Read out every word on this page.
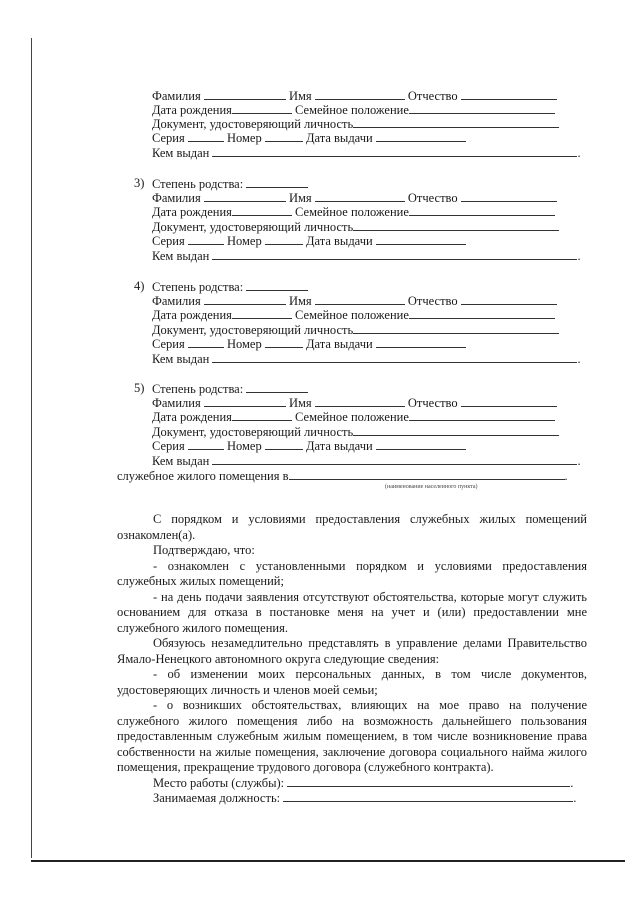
Фамилия	Имя	Отчество
Дата рождения	Семейное положение
Документ, удостоверяющий личность
Серия	Номер	Дата выдачи
Кем выдан	.
3) Степень родства:
Фамилия	Имя	Отчество
Дата рождения	Семейное положение
Документ, удостоверяющий личность
Серия	Номер	Дата выдачи
Кем выдан	.
4) Степень родства:
Фамилия	Имя	Отчество
Дата рождения	Семейное положение
Документ, удостоверяющий личность
Серия	Номер	Дата выдачи
Кем выдан	.
5) Степень родства:
Фамилия	Имя	Отчество
Дата рождения	Семейное положение
Документ, удостоверяющий личность
Серия	Номер	Дата выдачи
Кем выдан	.
служебное жилого помещения в	.
(наименование населенного пункта)

С порядком и условиями предоставления служебных жилых помещений ознакомлен(а).

Подтверждаю, что:

- ознакомлен с установленными порядком и условиями предоставления служебных жилых помещений;

- на день подачи заявления отсутствуют обстоятельства, которые могут служить основанием для отказа в постановке меня на учет и (или) предоставлении мне служебного жилого помещения.

Обязуюсь незамедлительно представлять в управление делами Правительство Ямало-Ненецкого автономного округа следующие сведения:

- об изменении моих персональных данных, в том числе документов, удостоверяющих личность и членов моей семьи;

- о возникших обстоятельствах, влияющих на мое право на получение служебного жилого помещения либо на возможность дальнейшего пользования предоставленным служебным жилым помещением, в том числе возникновение права собственности на жилые помещения, заключение договора социального найма жилого помещения, прекращение трудового договора (служебного контракта).

Место работы (службы):	.
Занимаемая должность:	.
